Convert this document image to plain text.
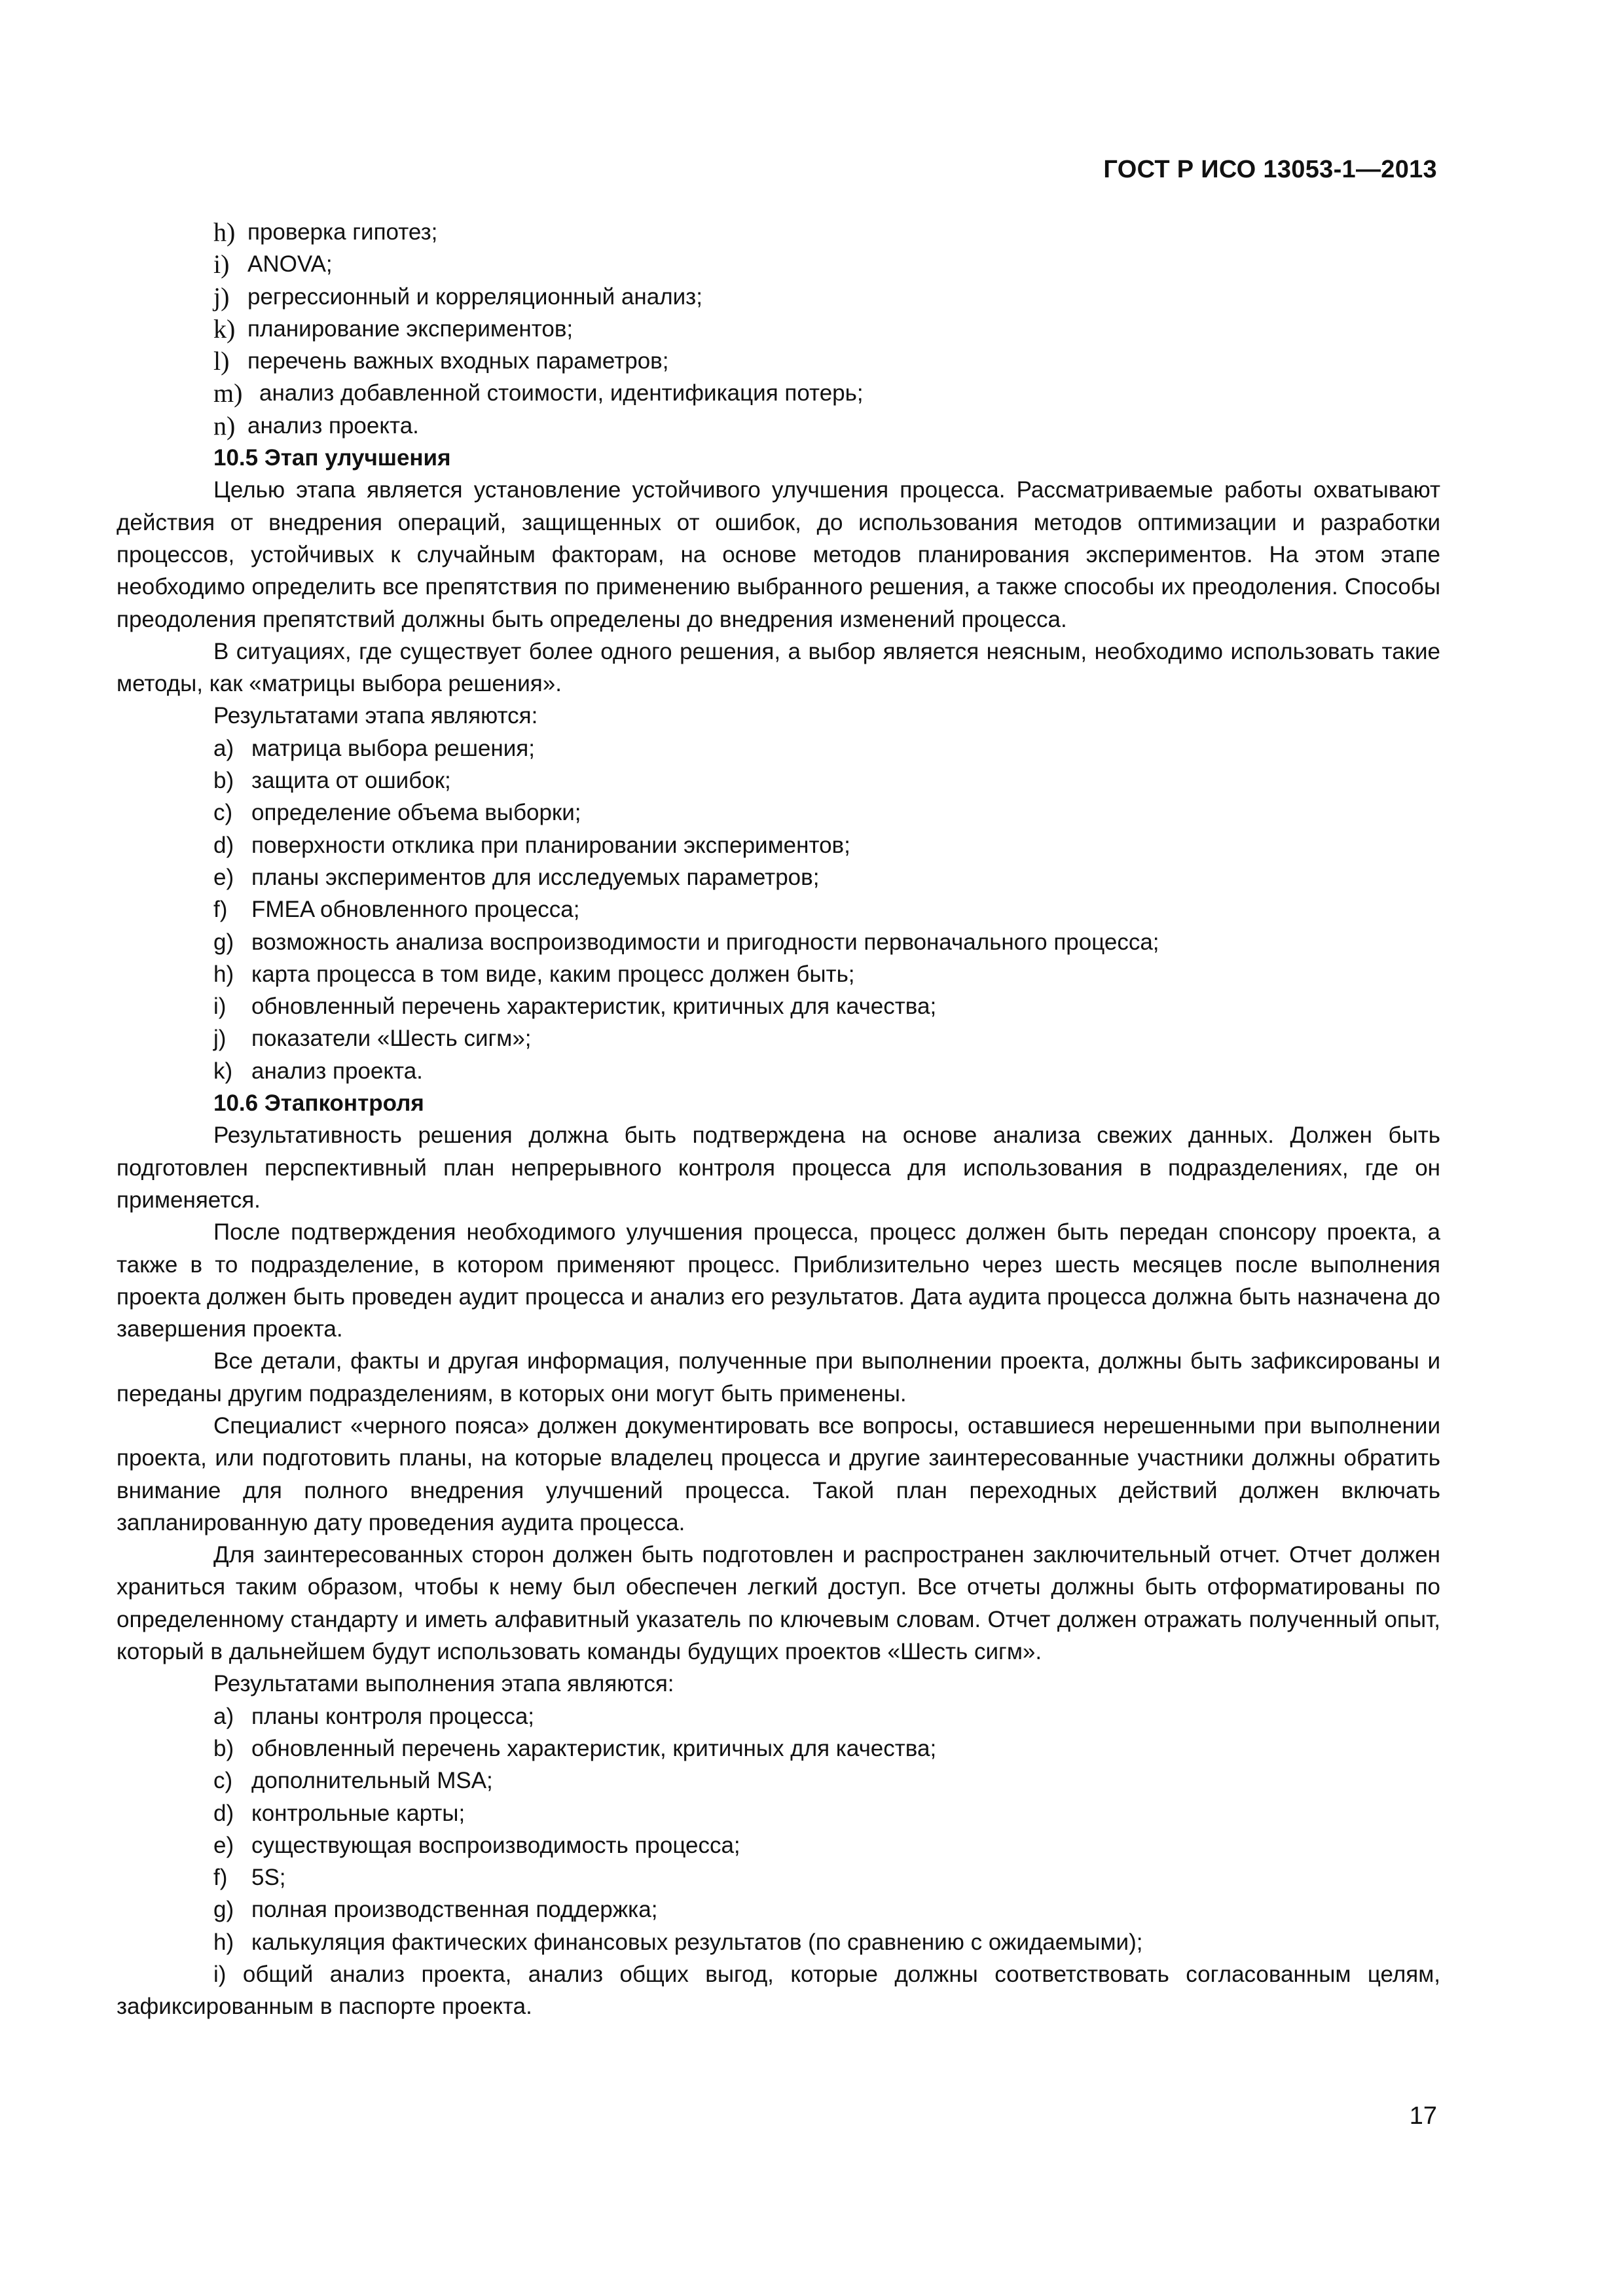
ГОСТ Р ИСО 13053-1—2013
h) проверка гипотез;
i) ANOVA;
j) регрессионный и корреляционный анализ;
k) планирование экспериментов;
l) перечень важных входных параметров;
m) анализ добавленной стоимости, идентификация потерь;
n) анализ проекта.
10.5 Этап улучшения
Целью этапа является установление устойчивого улучшения процесса. Рассматриваемые работы охватывают действия от внедрения операций, защищенных от ошибок, до использования методов оптимизации и разработки процессов, устойчивых к случайным факторам, на основе методов планирования экспериментов. На этом этапе необходимо определить все препятствия по применению выбранного решения, а также способы их преодоления. Способы преодоления препятствий должны быть определены до внедрения изменений процесса.
В ситуациях, где существует более одного решения, а выбор является неясным, необходимо использовать такие методы, как «матрицы выбора решения».
Результатами этапа являются:
a) матрица выбора решения;
b) защита от ошибок;
c) определение объема выборки;
d) поверхности отклика при планировании экспериментов;
e) планы экспериментов для исследуемых параметров;
f) FMEA обновленного процесса;
g) возможность анализа воспроизводимости и пригодности первоначального процесса;
h) карта процесса в том виде, каким процесс должен быть;
i) обновленный перечень характеристик, критичных для качества;
j) показатели «Шесть сигм»;
k) анализ проекта.
10.6 Этапконтроля
Результативность решения должна быть подтверждена на основе анализа свежих данных. Должен быть подготовлен перспективный план непрерывного контроля процесса для использования в подразделениях, где он применяется.
После подтверждения необходимого улучшения процесса, процесс должен быть передан спонсору проекта, а также в то подразделение, в котором применяют процесс. Приблизительно через шесть месяцев после выполнения проекта должен быть проведен аудит процесса и анализ его результатов. Дата аудита процесса должна быть назначена до завершения проекта.
Все детали, факты и другая информация, полученные при выполнении проекта, должны быть зафиксированы и переданы другим подразделениям, в которых они могут быть применены.
Специалист «черного пояса» должен документировать все вопросы, оставшиеся нерешенными при выполнении проекта, или подготовить планы, на которые владелец процесса и другие заинтересованные участники должны обратить внимание для полного внедрения улучшений процесса. Такой план переходных действий должен включать запланированную дату проведения аудита процесса.
Для заинтересованных сторон должен быть подготовлен и распространен заключительный отчет. Отчет должен храниться таким образом, чтобы к нему был обеспечен легкий доступ. Все отчеты должны быть отформатированы по определенному стандарту и иметь алфавитный указатель по ключевым словам. Отчет должен отражать полученный опыт, который в дальнейшем будут использовать команды будущих проектов «Шесть сигм».
Результатами выполнения этапа являются:
a) планы контроля процесса;
b) обновленный перечень характеристик, критичных для качества;
c) дополнительный MSA;
d) контрольные карты;
e) существующая воспроизводимость процесса;
f) 5S;
g) полная производственная поддержка;
h) калькуляция фактических финансовых результатов (по сравнению с ожидаемыми);
i) общий анализ проекта, анализ общих выгод, которые должны соответствовать согласованным целям, зафиксированным в паспорте проекта.
17
